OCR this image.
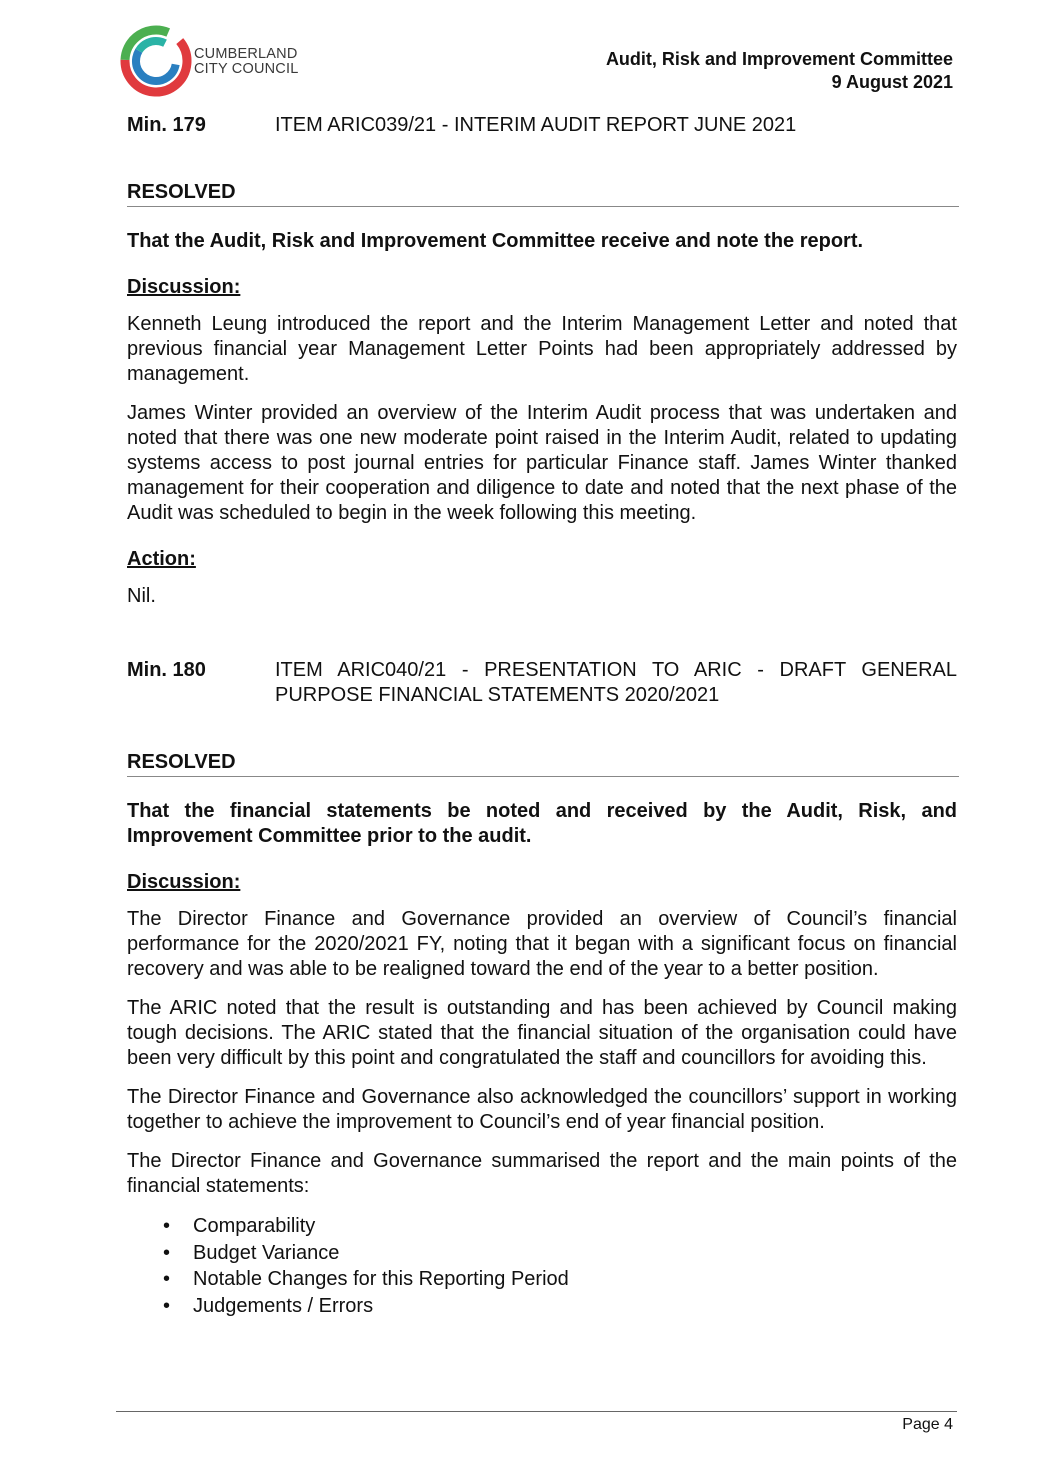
CUMBERLAND
CITY COUNCIL	Audit, Risk and Improvement Committee
9 August 2021
Min. 179	ITEM ARIC039/21 - INTERIM AUDIT REPORT JUNE 2021
RESOLVED
That the Audit, Risk and Improvement Committee receive and note the report.
Discussion:

Kenneth Leung introduced the report and the Interim Management Letter and noted that previous financial year Management Letter Points had been appropriately addressed by management.

James Winter provided an overview of the Interim Audit process that was undertaken and noted that there was one new moderate point raised in the Interim Audit, related to updating systems access to post journal entries for particular Finance staff. James Winter thanked management for their cooperation and diligence to date and noted that the next phase of the Audit was scheduled to begin in the week following this meeting.

Action:

Nil.

Min. 180	ITEM ARIC040/21 - PRESENTATION TO ARIC - DRAFT GENERAL PURPOSE FINANCIAL STATEMENTS 2020/2021
RESOLVED
That the financial statements be noted and received by the Audit, Risk, and Improvement Committee prior to the audit.
Discussion:

The Director Finance and Governance provided an overview of Council’s financial performance for the 2020/2021 FY, noting that it began with a significant focus on financial recovery and was able to be realigned toward the end of the year to a better position.

The ARIC noted that the result is outstanding and has been achieved by Council making tough decisions. The ARIC stated that the financial situation of the organisation could have been very difficult by this point and congratulated the staff and councillors for avoiding this.

The Director Finance and Governance also acknowledged the councillors’ support in working together to achieve the improvement to Council’s end of year financial position.

The Director Finance and Governance summarised the report and the main points of the financial statements:

• Comparability
• Budget Variance
• Notable Changes for this Reporting Period
• Judgements / Errors
Page 4
